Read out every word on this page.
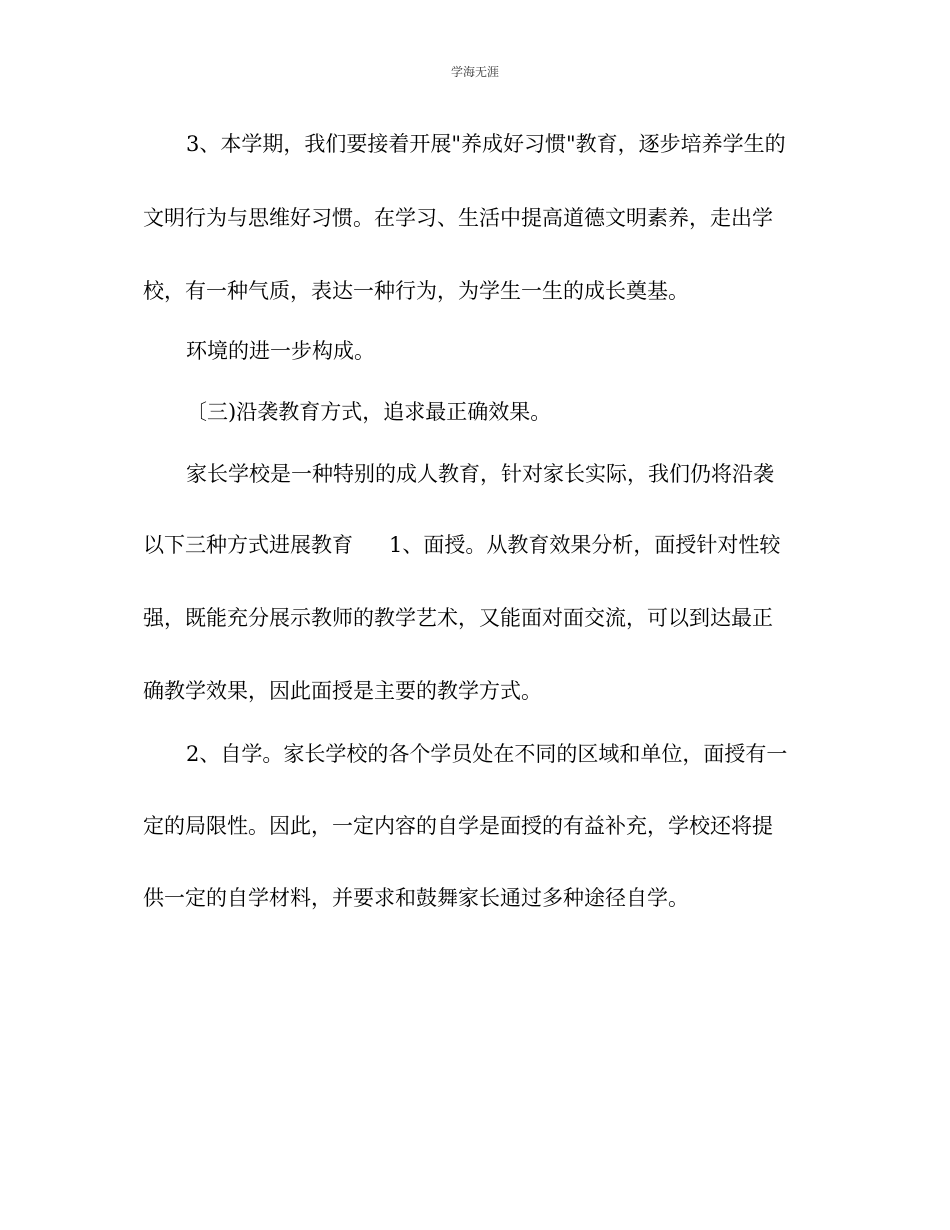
学海无涯
3、本学期，我们要接着开展"养成好习惯"教育，逐步培养学生的
文明行为与思维好习惯。在学习、生活中提高道德文明素养，走出学
校，有一种气质，表达一种行为，为学生一生的成长奠基。
环境的进一步构成。
〔三)沿袭教育方式，追求最正确效果。
家长学校是一种特别的成人教育，针对家长实际，我们仍将沿袭
以下三种方式进展教育 1、面授。从教育效果分析，面授针对性较
强，既能充分展示教师的教学艺术，又能面对面交流，可以到达最正
确教学效果，因此面授是主要的教学方式。
2、自学。家长学校的各个学员处在不同的区域和单位，面授有一
定的局限性。因此，一定内容的自学是面授的有益补充，学校还将提
供一定的自学材料，并要求和鼓舞家长通过多种途径自学。
